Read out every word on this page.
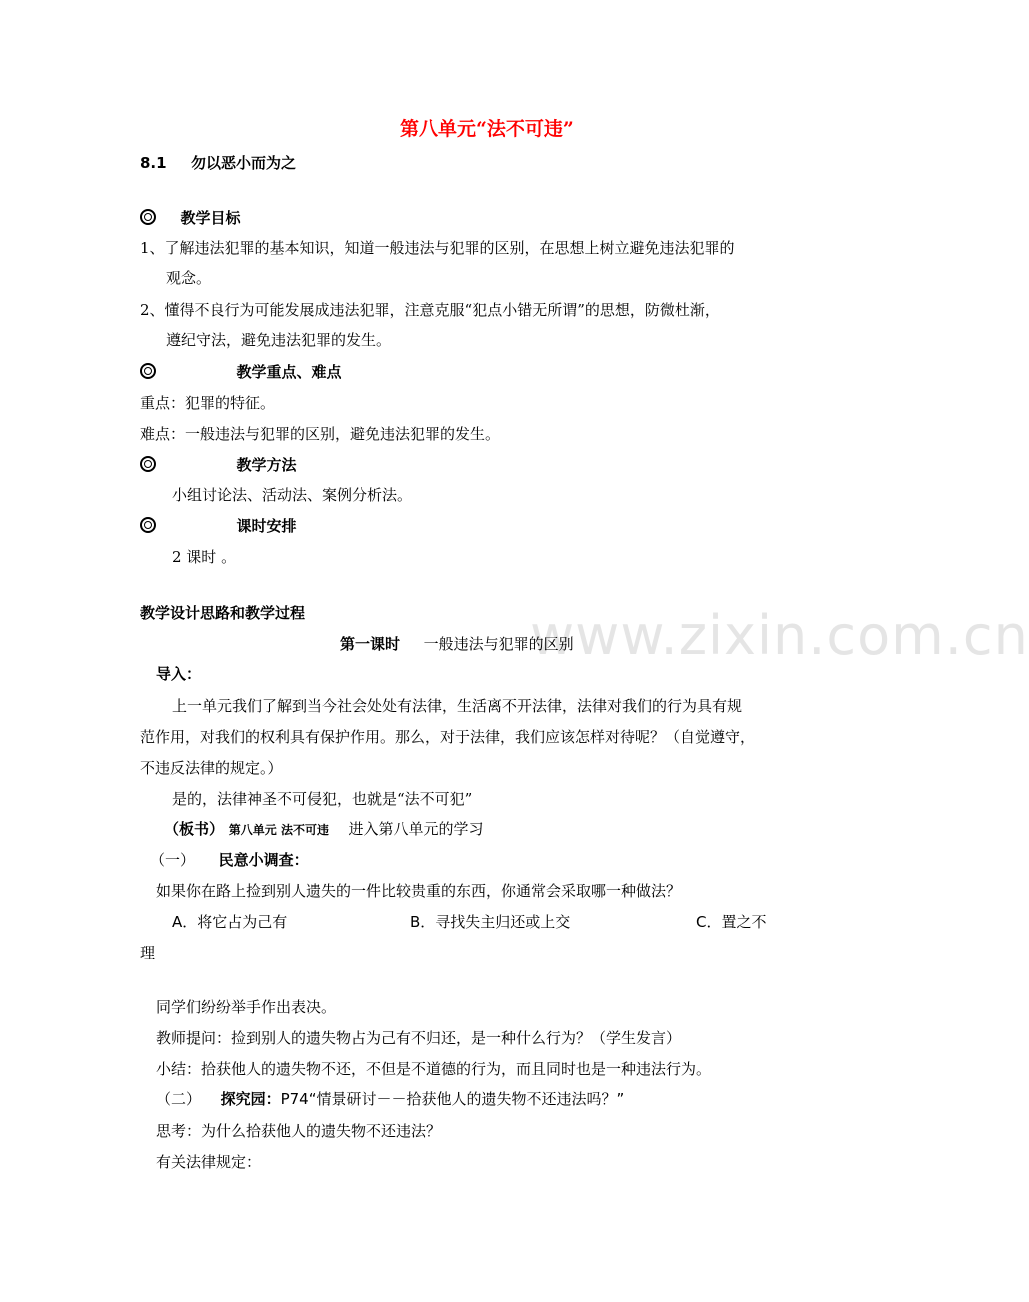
第八单元“法不可违”
8.1 勿以恶小而为之
教学目标
1、了解违法犯罪的基本知识，知道一般违法与犯罪的区别，在思想上树立避免违法犯罪的
观念。
2、懂得不良行为可能发展成违法犯罪，注意克服“犯点小错无所谓”的思想，防微杜渐，
遵纪守法，避免违法犯罪的发生。
教学重点、难点
重点：犯罪的特征。
难点：一般违法与犯罪的区别，避免违法犯罪的发生。
教学方法
小组讨论法、活动法、案例分析法。
课时安排
2 课时 。
www.zixin.com.cn
教学设计思路和教学过程
第一课时 一般违法与犯罪的区别
导入：
上一单元我们了解到当今社会处处有法律，生活离不开法律，法律对我们的行为具有规
范作用，对我们的权利具有保护作用。那么，对于法律，我们应该怎样对待呢？（自觉遵守，
不违反法律的规定。）
是的，法律神圣不可侵犯，也就是“法不可犯”
（板书） 第八单元 法不可违 进入第八单元的学习
（一） 民意小调查：
如果你在路上捡到别人遗失的一件比较贵重的东西，你通常会采取哪一种做法？
A．将它占为己有	B．寻找失主归还或上交	C．置之不
理
同学们纷纷举手作出表决。
教师提问：捡到别人的遗失物占为己有不归还，是一种什么行为？（学生发言）
小结：拾获他人的遗失物不还，不但是不道德的行为，而且同时也是一种违法行为。
（二） 探究园：P74“情景研讨－－拾获他人的遗失物不还违法吗？”
思考：为什么拾获他人的遗失物不还违法？
有关法律规定：
